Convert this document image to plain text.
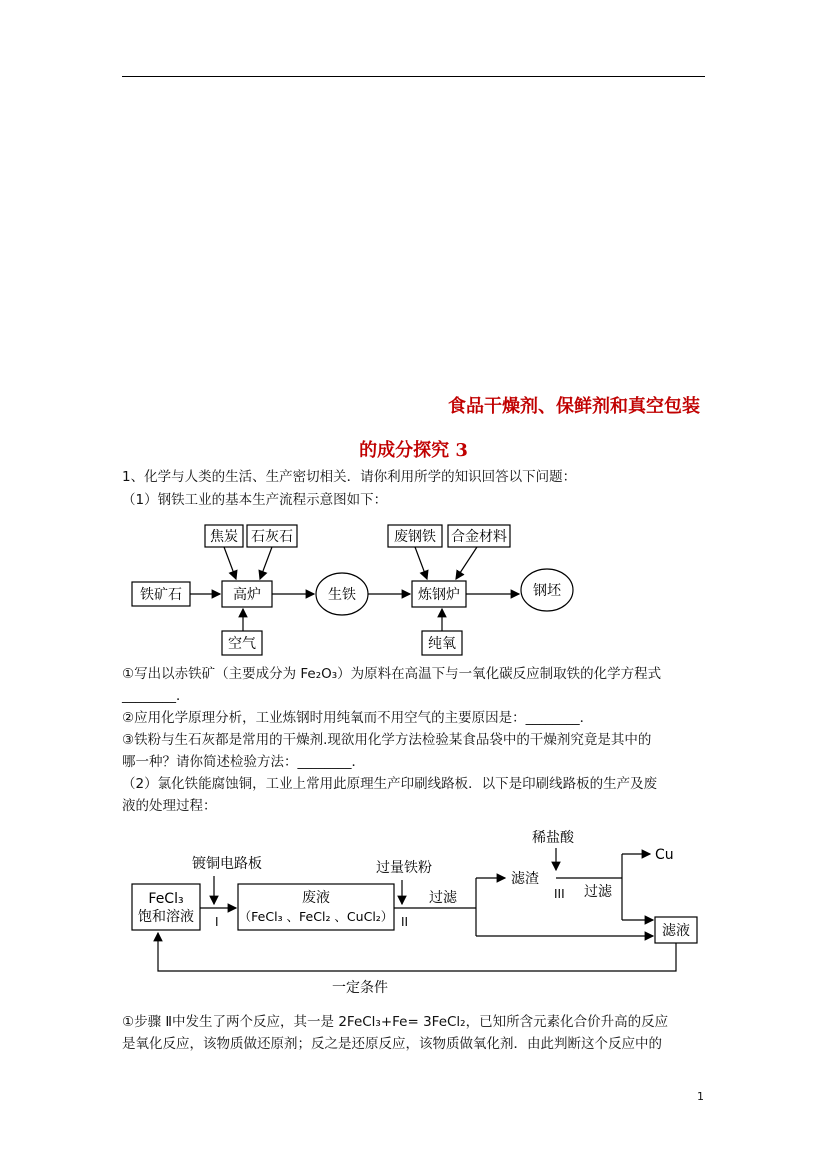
食品干燥剂、保鲜剂和真空包装
的成分探究 3
1、化学与人类的生活、生产密切相关．请你利用所学的知识回答以下问题：
（1）钢铁工业的基本生产流程示意图如下：
焦炭 石灰石
铁矿石	高炉
空气
生铁
废钢铁 合金材料
炼钢炉
纯氧
钢坯
①写出以赤铁矿（主要成分为 Fe₂O₃）为原料在高温下与一氧化碳反应制取铁的化学方程式
________．
②应用化学原理分析，工业炼钢时用纯氧而不用空气的主要原因是：________．
③铁粉与生石灰都是常用的干燥剂.现欲用化学方法检验某食品袋中的干燥剂究竟是其中的
哪一种？请你简述检验方法：________．
（2）氯化铁能腐蚀铜，工业上常用此原理生产印刷线路板．以下是印刷线路板的生产及废
液的处理过程：
FeCl₃
饱和溶液
镀铜电路板
I
废液
（FeCl₃ 、FeCl₂ 、CuCl₂）
过量铁粉
II
过滤
稀盐酸
滤渣
III 过滤
Cu
滤液
一定条件
①步骤 Ⅱ中发生了两个反应，其一是 2FeCl₃+Fe= 3FeCl₂，已知所含元素化合价升高的反应
是氧化反应，该物质做还原剂；反之是还原反应，该物质做氧化剂．由此判断这个反应中的
1
